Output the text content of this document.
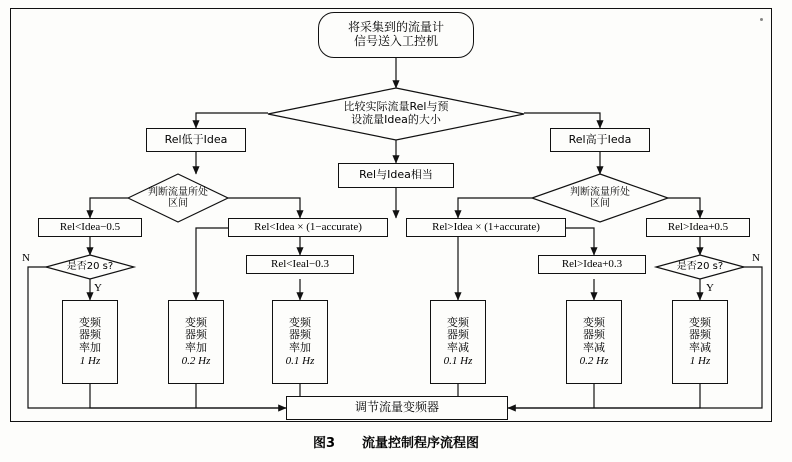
将采集到的流量计
信号送入工控机
比较实际流量Rel与预
设流量Idea的大小
Rel低于Idea
Rel与Idea相当
Rel高于Ieda
判断流量所处
区间
判断流量所处
区间
Rel<Idea−0.5	Rel<Idea × (1−accurate)
Rel<Ieal−0.3
Rel>Idea × (1+accurate)
Rel>Idea+0.3
Rel>Idea+0.5
是否20 s?	是否20 s?
N
Y
N
Y
变频
器频
率加
1 Hz
变频
器频
率加
0.2 Hz
变频
器频
率加
0.1 Hz
变频
器频
率减
0.1 Hz
变频
器频
率减
0.2 Hz
变频
器频
率减
1 Hz
调节流量变频器
图3 流量控制程序流程图
